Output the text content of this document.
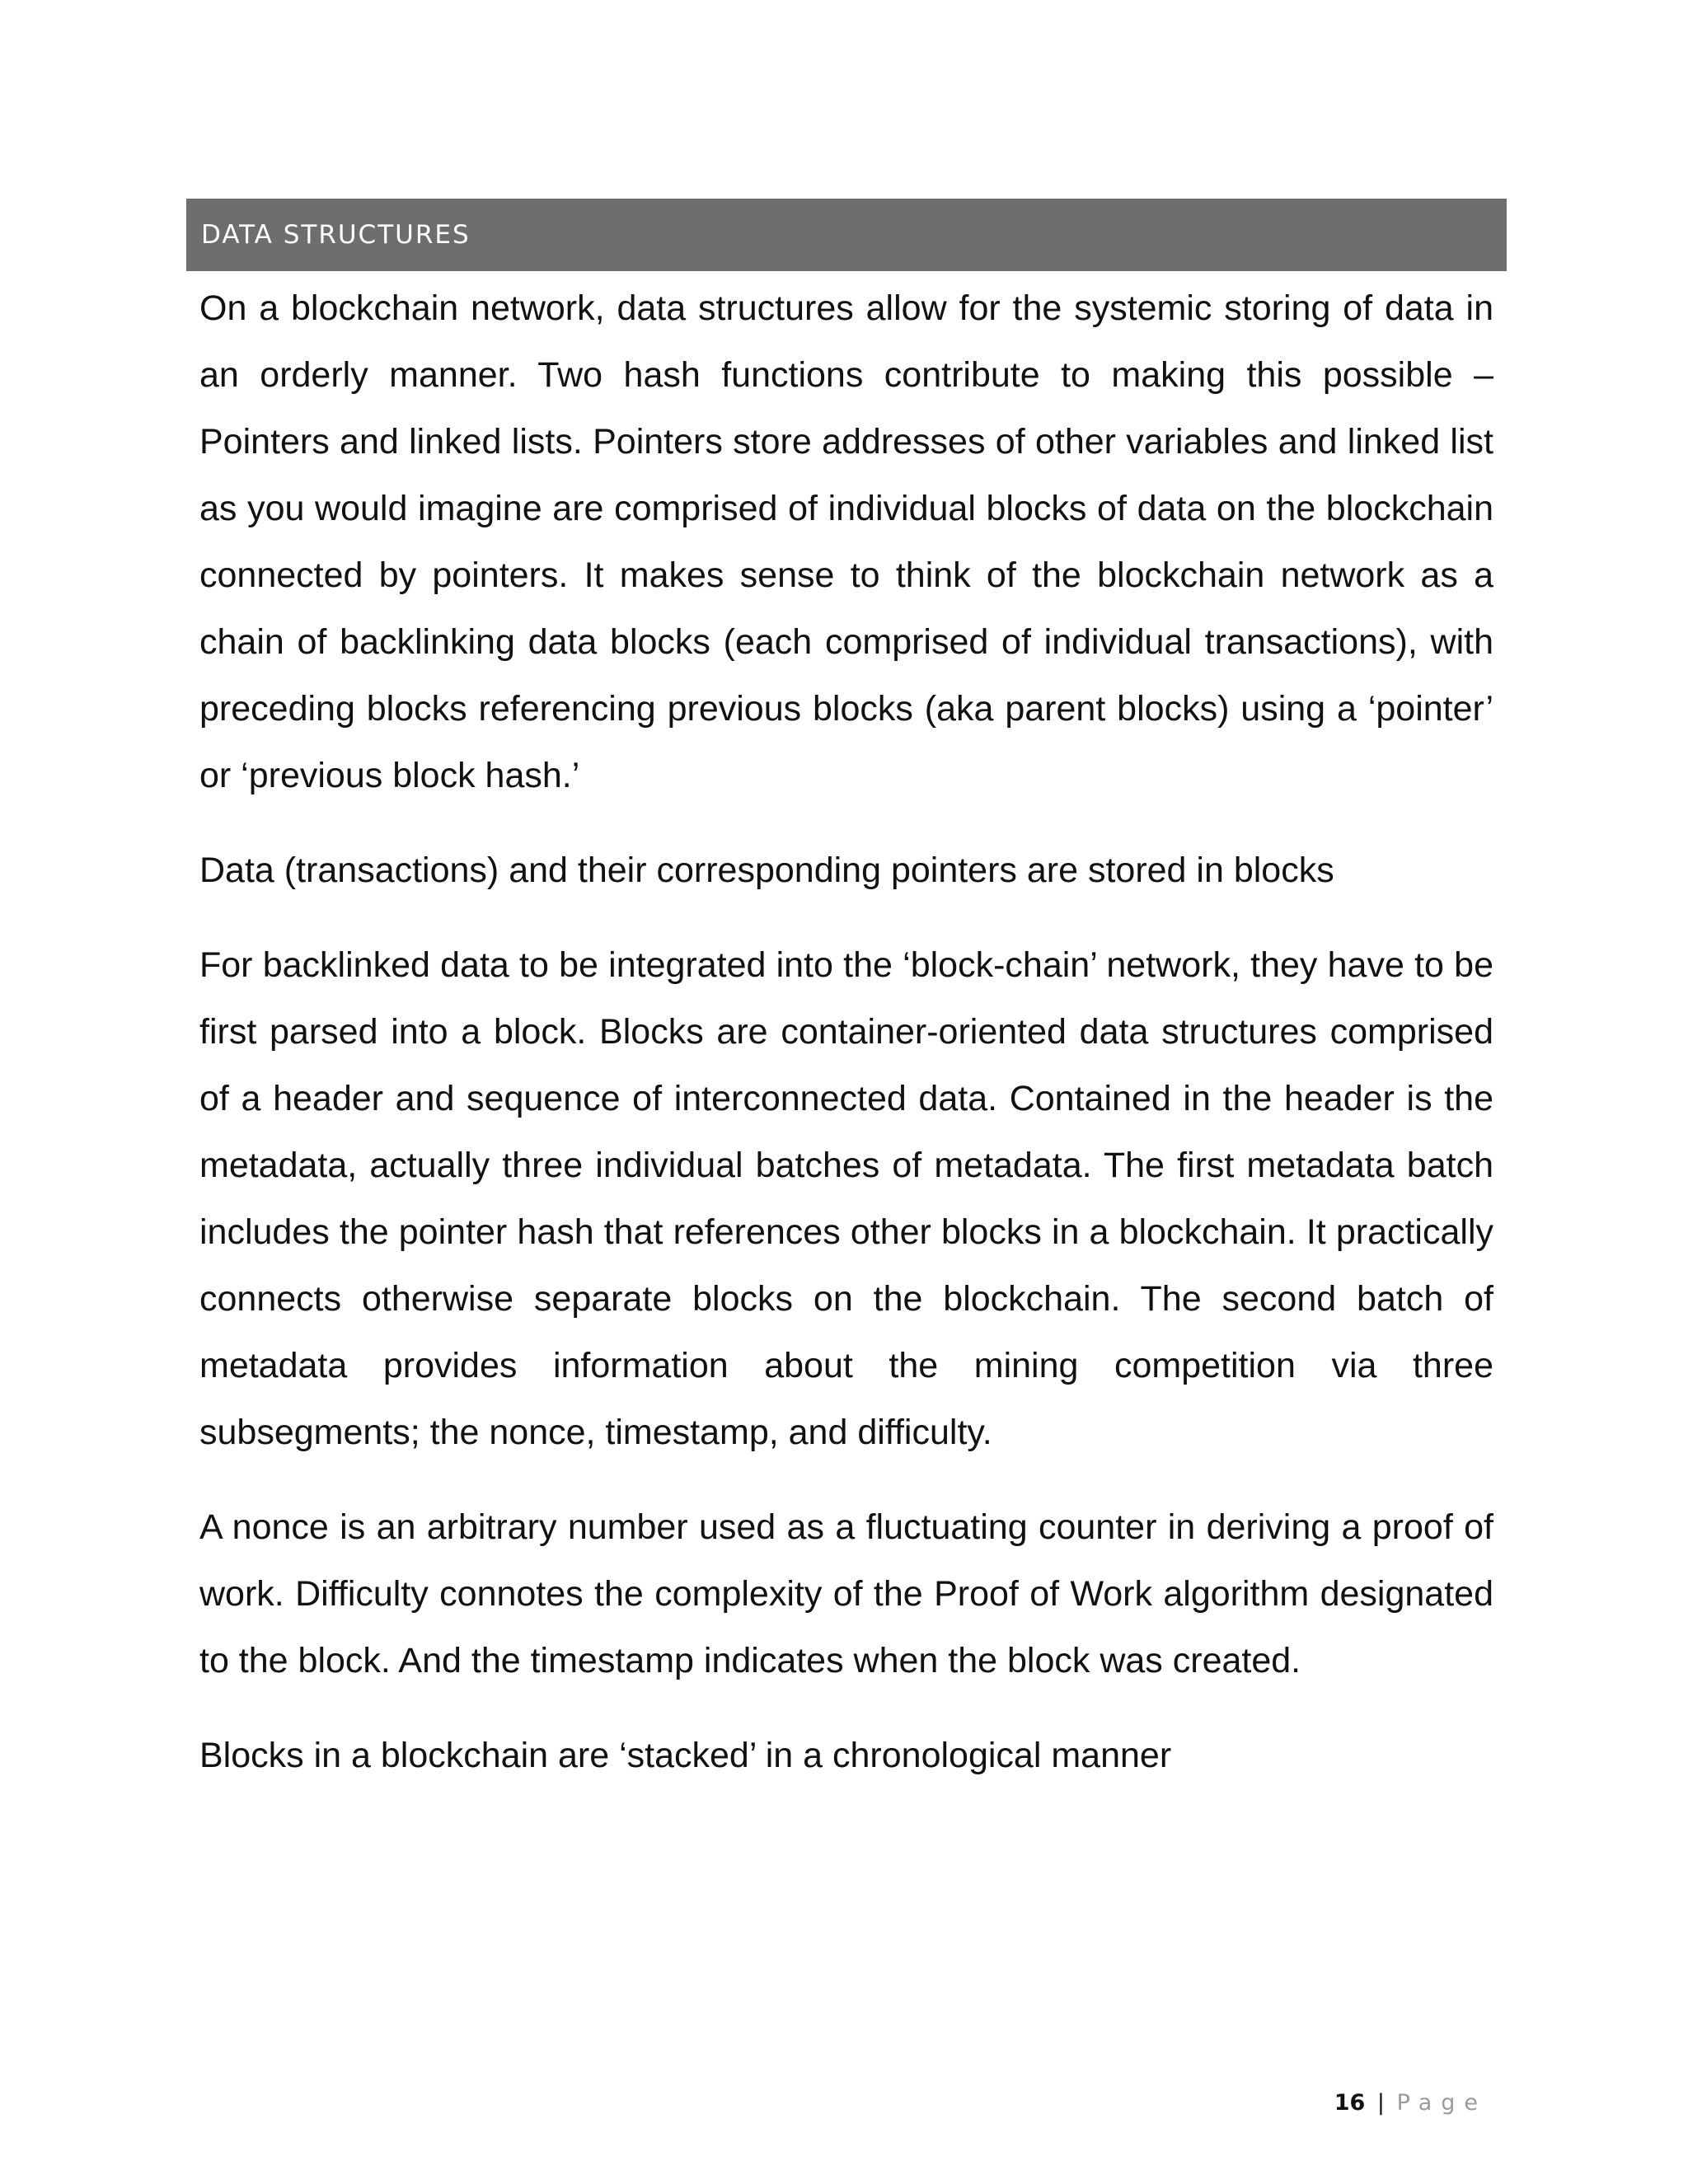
DATA STRUCTURES

On a blockchain network, data structures allow for the systemic storing of data in an orderly manner. Two hash functions contribute to making this possible – Pointers and linked lists. Pointers store addresses of other variables and linked list as you would imagine are comprised of individual blocks of data on the blockchain connected by pointers. It makes sense to think of the blockchain network as a chain of backlinking data blocks (each comprised of individual transactions), with preceding blocks referencing previous blocks (aka parent blocks) using a ‘pointer’ or ‘previous block hash.’

Data (transactions) and their corresponding pointers are stored in blocks

For backlinked data to be integrated into the ‘block-chain’ network, they have to be first parsed into a block. Blocks are container-oriented data structures comprised of a header and sequence of interconnected data. Contained in the header is the metadata, actually three individual batches of metadata. The first metadata batch includes the pointer hash that references other blocks in a blockchain. It practically connects otherwise separate blocks on the blockchain. The second batch of metadata provides information about the mining competition via three subsegments; the nonce, timestamp, and difficulty.

A nonce is an arbitrary number used as a fluctuating counter in deriving a proof of work. Difficulty connotes the complexity of the Proof of Work algorithm designated to the block. And the timestamp indicates when the block was created.

Blocks in a blockchain are ‘stacked’ in a chronological manner

16 | Page
